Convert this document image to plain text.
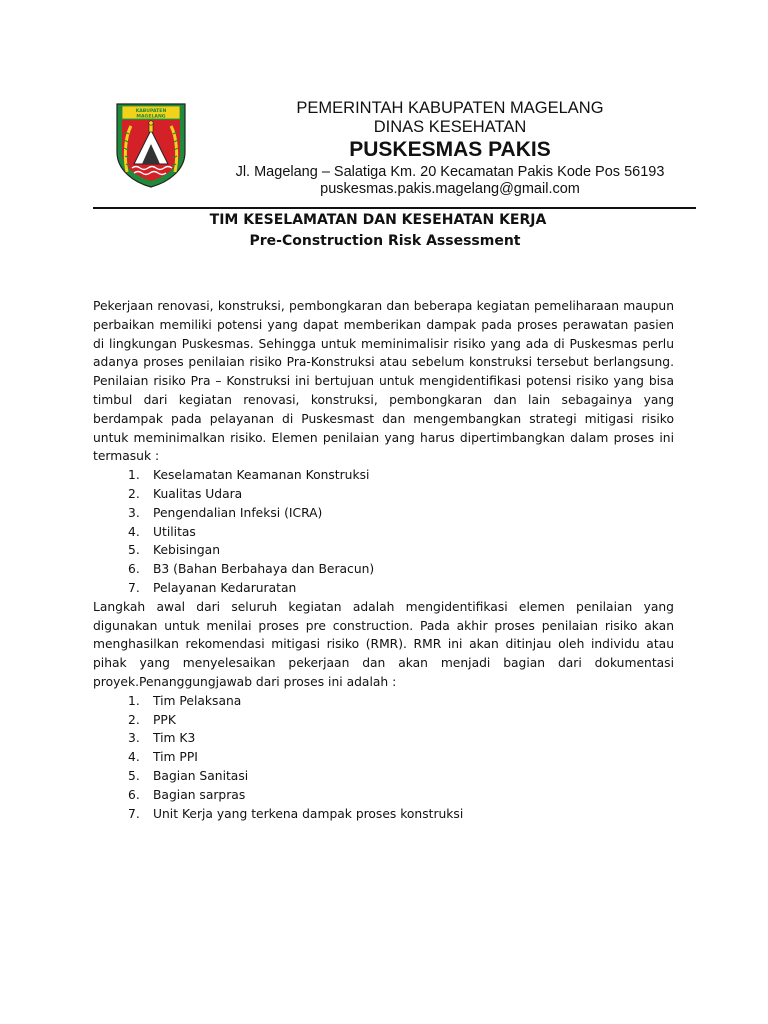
KABUPATEN
MAGELANG	PEMERINTAH KABUPATEN MAGELANG
DINAS KESEHATAN
PUSKESMAS PAKIS
Jl. Magelang – Salatiga Km. 20 Kecamatan Pakis Kode Pos 56193
puskesmas.pakis.magelang@gmail.com
TIM KESELAMATAN DAN KESEHATAN KERJA
Pre-Construction Risk Assessment

Pekerjaan renovasi, konstruksi, pembongkaran dan beberapa kegiatan pemeliharaan maupun perbaikan memiliki potensi yang dapat memberikan dampak pada proses perawatan pasien di lingkungan Puskesmas. Sehingga untuk meminimalisir risiko yang ada di Puskesmas perlu adanya proses penilaian risiko Pra-Konstruksi atau sebelum konstruksi tersebut berlangsung. Penilaian risiko Pra – Konstruksi ini bertujuan untuk mengidentifikasi potensi risiko yang bisa timbul dari kegiatan renovasi, konstruksi, pembongkaran dan lain sebagainya yang berdampak pada pelayanan di Puskesmast dan mengembangkan strategi mitigasi risiko untuk meminimalkan risiko. Elemen penilaian yang harus dipertimbangkan dalam proses ini termasuk :

1. Keselamatan Keamanan Konstruksi
2. Kualitas Udara
3. Pengendalian Infeksi (ICRA)
4. Utilitas
5. Kebisingan
6. B3 (Bahan Berbahaya dan Beracun)
7. Pelayanan Kedaruratan

Langkah awal dari seluruh kegiatan adalah mengidentifikasi elemen penilaian yang digunakan untuk menilai proses pre construction. Pada akhir proses penilaian risiko akan menghasilkan rekomendasi mitigasi risiko (RMR). RMR ini akan ditinjau oleh individu atau pihak yang menyelesaikan pekerjaan dan akan menjadi bagian dari dokumentasi proyek.Penanggungjawab dari proses ini adalah :

1. Tim Pelaksana
2. PPK
3. Tim K3
4. Tim PPI
5. Bagian Sanitasi
6. Bagian sarpras
7. Unit Kerja yang terkena dampak proses konstruksi
